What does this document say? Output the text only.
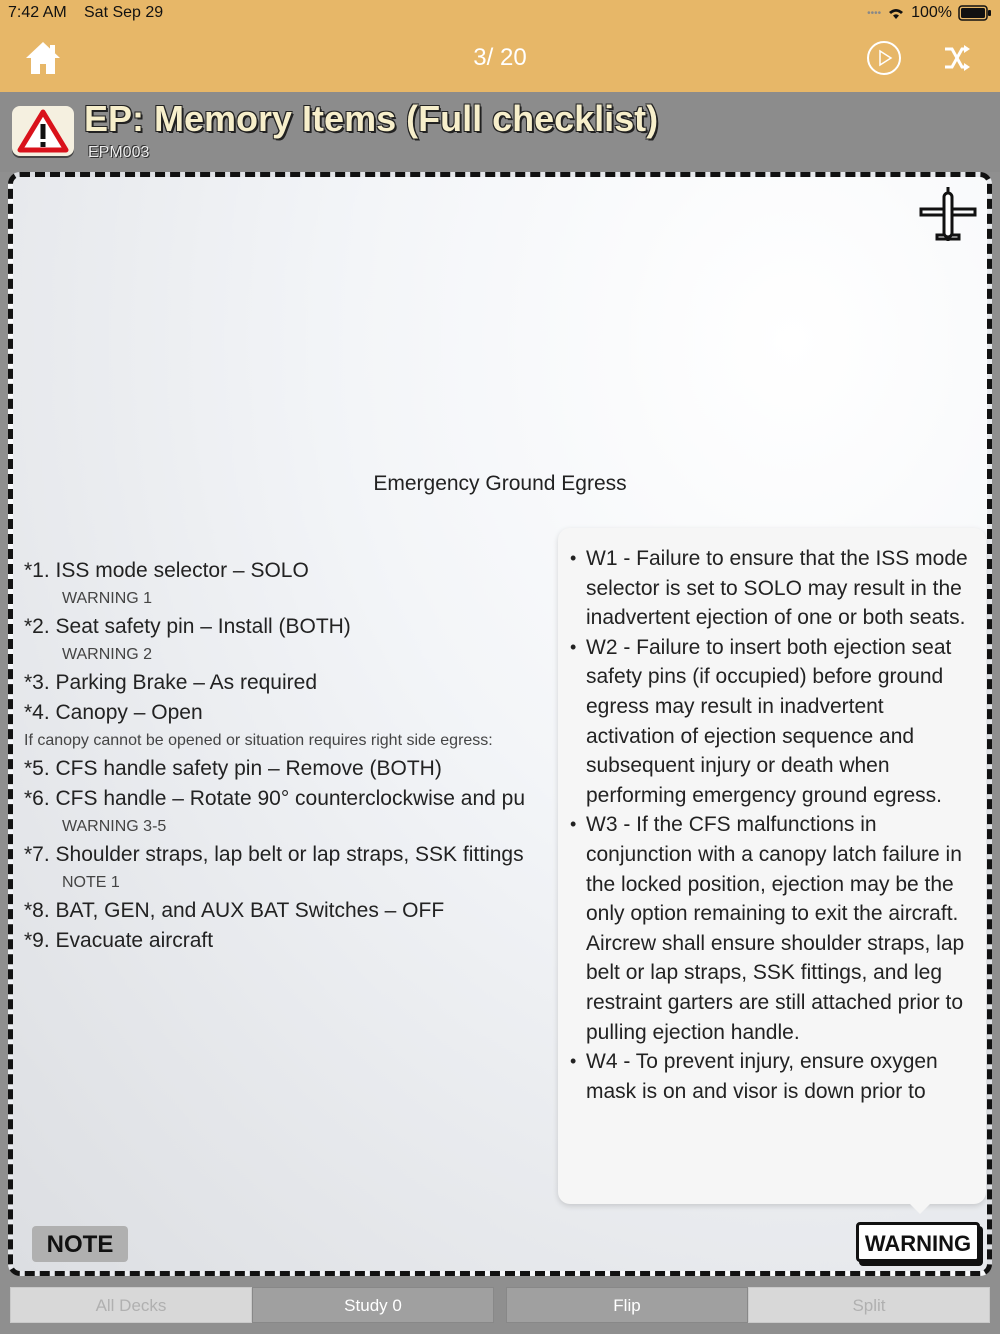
7:42 AM Sat Sep 29	•••• 100%
3/ 20
EP: Memory Items (Full checklist)
EPM003
Emergency Ground Egress
*1. ISS mode selector – SOLO
WARNING 1
*2. Seat safety pin – Install (BOTH)
WARNING 2
*3. Parking Brake – As required
*4. Canopy – Open
If canopy cannot be opened or situation requires right side egress:
*5. CFS handle safety pin – Remove (BOTH)
*6. CFS handle – Rotate 90° counterclockwise and pu
WARNING 3-5
*7. Shoulder straps, lap belt or lap straps, SSK fittings
NOTE 1
*8. BAT, GEN, and AUX BAT Switches – OFF
*9. Evacuate aircraft
• W1 - Failure to ensure that the ISS mode selector is set to SOLO may result in the inadvertent ejection of one or both seats.
• W2 - Failure to insert both ejection seat safety pins (if occupied) before ground egress may result in inadvertent activation of ejection sequence and subsequent injury or death when performing emergency ground egress.
• W3 - If the CFS malfunctions in conjunction with a canopy latch failure in the locked position, ejection may be the only option remaining to exit the aircraft. Aircrew shall ensure shoulder straps, lap belt or lap straps, SSK fittings, and leg restraint garters are still attached prior to pulling ejection handle.
• W4 - To prevent injury, ensure oxygen mask is on and visor is down prior to
NOTE	WARNING
All Decks	Study 0	Flip	Split
